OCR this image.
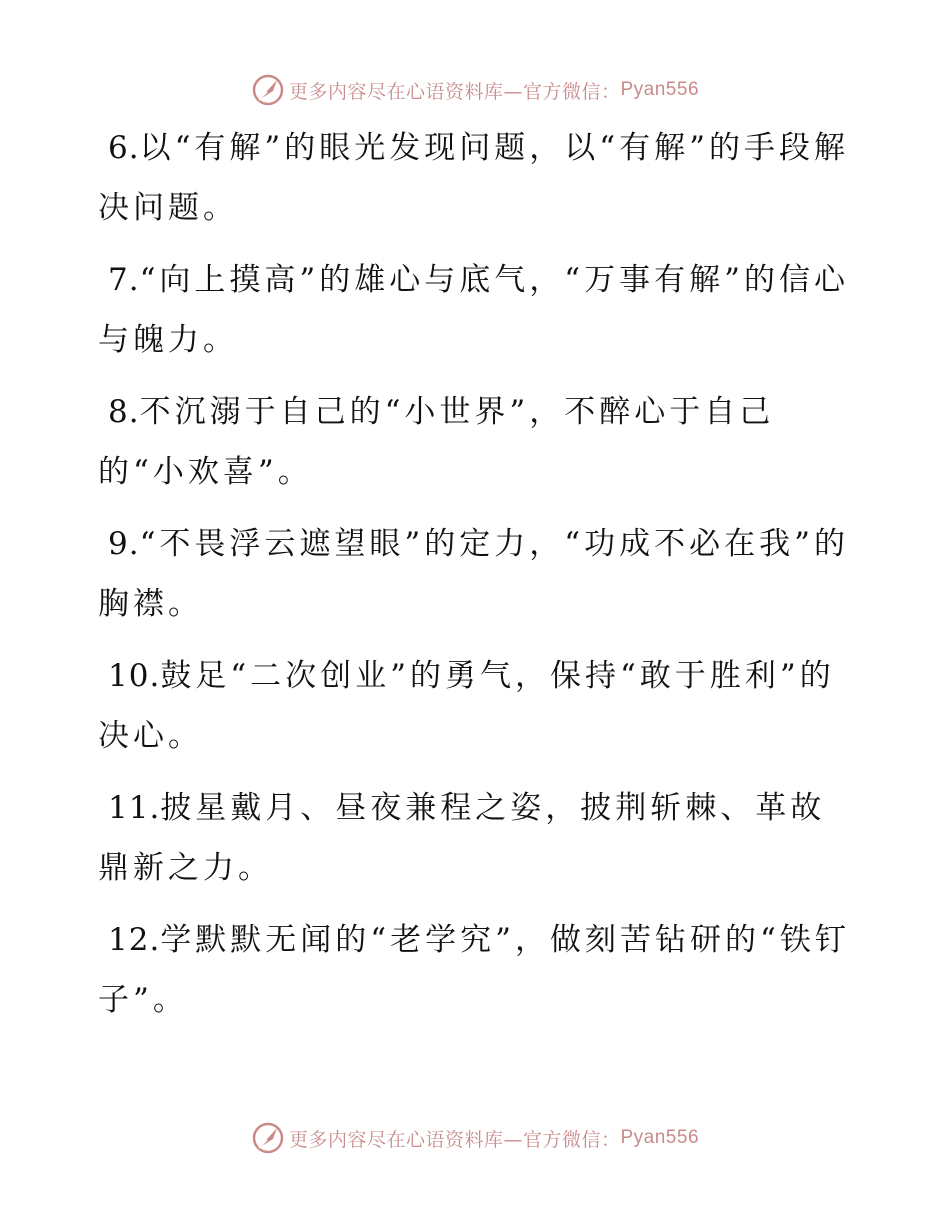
更多内容尽在心语资料库—官方微信： Pyan556

6.以“有解”的眼光发现问题，以“有解”的手段解决问题。

7.“向上摸高”的雄心与底气，“万事有解”的信心与魄力。

8.不沉溺于自己的“小世界”，不醉心于自己的“小欢喜”。

9.“不畏浮云遮望眼”的定力，“功成不必在我”的胸襟。

10.鼓足“二次创业”的勇气，保持“敢于胜利”的决心。

11.披星戴月、昼夜兼程之姿，披荆斩棘、革故鼎新之力。

12.学默默无闻的“老学究”，做刻苦钻研的“铁钉子”。

更多内容尽在心语资料库—官方微信： Pyan556
